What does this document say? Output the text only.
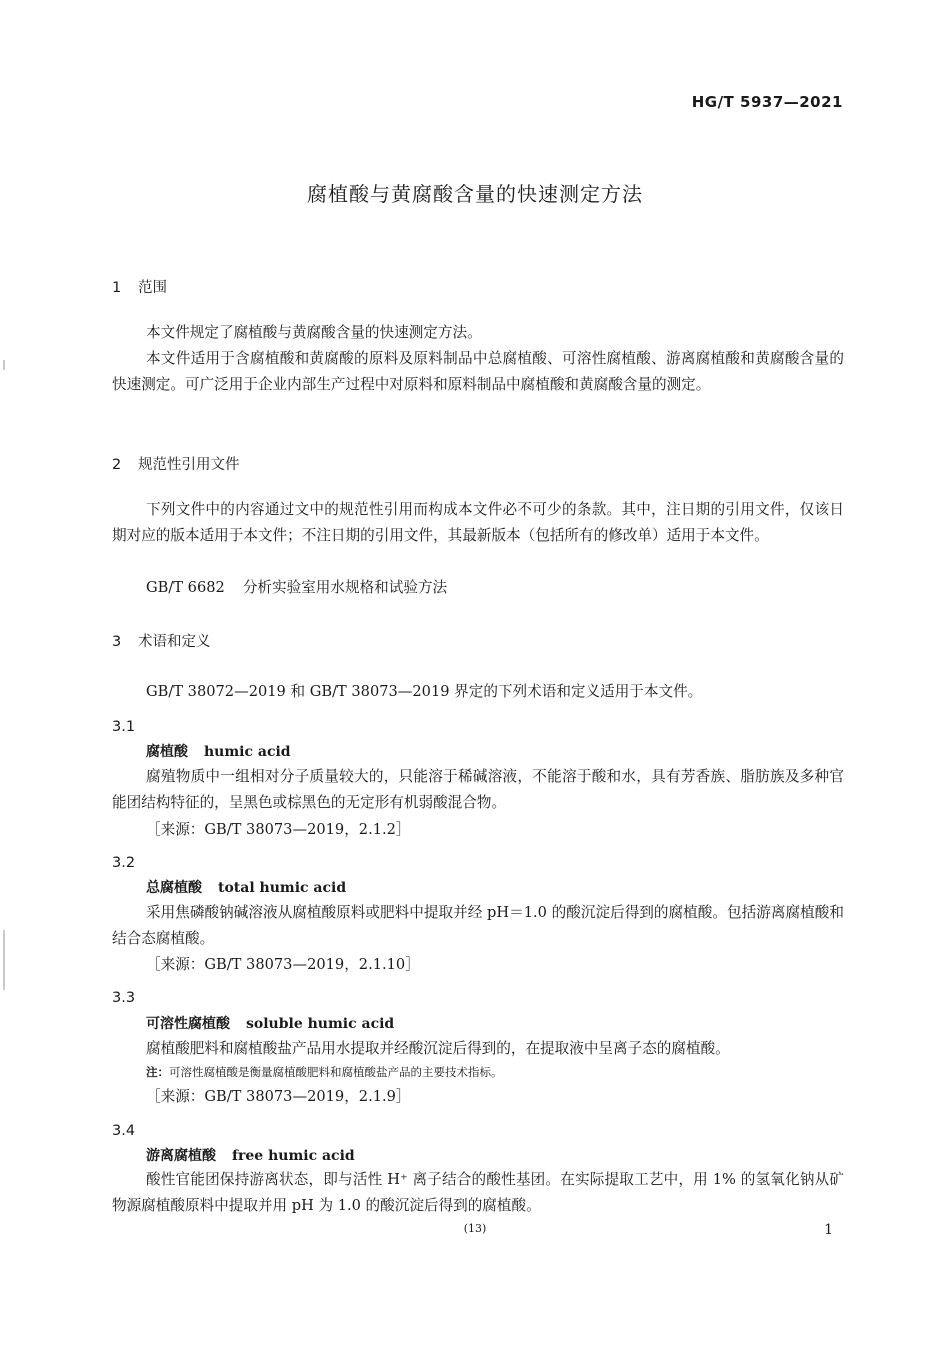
HG/T 5937—2021
腐植酸与黄腐酸含量的快速测定方法
1 范围
本文件规定了腐植酸与黄腐酸含量的快速测定方法。
本文件适用于含腐植酸和黄腐酸的原料及原料制品中总腐植酸、可溶性腐植酸、游离腐植酸和黄腐酸含量的快速测定。可广泛用于企业内部生产过程中对原料和原料制品中腐植酸和黄腐酸含量的测定。
2 规范性引用文件
下列文件中的内容通过文中的规范性引用而构成本文件必不可少的条款。其中，注日期的引用文件，仅该日期对应的版本适用于本文件；不注日期的引用文件，其最新版本（包括所有的修改单）适用于本文件。
GB/T 6682 分析实验室用水规格和试验方法
3 术语和定义
GB/T 38072—2019 和 GB/T 38073—2019 界定的下列术语和定义适用于本文件。
3.1
腐植酸 humic acid
腐殖物质中一组相对分子质量较大的，只能溶于稀碱溶液，不能溶于酸和水，具有芳香族、脂肪族及多种官能团结构特征的，呈黑色或棕黑色的无定形有机弱酸混合物。
［来源：GB/T 38073—2019，2.1.2］
3.2
总腐植酸 total humic acid
采用焦磷酸钠碱溶液从腐植酸原料或肥料中提取并经 pH＝1.0 的酸沉淀后得到的腐植酸。包括游离腐植酸和结合态腐植酸。
［来源：GB/T 38073—2019，2.1.10］
3.3
可溶性腐植酸 soluble humic acid
腐植酸肥料和腐植酸盐产品用水提取并经酸沉淀后得到的，在提取液中呈离子态的腐植酸。
注：可溶性腐植酸是衡量腐植酸肥料和腐植酸盐产品的主要技术指标。
［来源：GB/T 38073—2019，2.1.9］
3.4
游离腐植酸 free humic acid
酸性官能团保持游离状态，即与活性 H⁺ 离子结合的酸性基团。在实际提取工艺中，用 1% 的氢氧化钠从矿物源腐植酸原料中提取并用 pH 为 1.0 的酸沉淀后得到的腐植酸。
(13)	1
